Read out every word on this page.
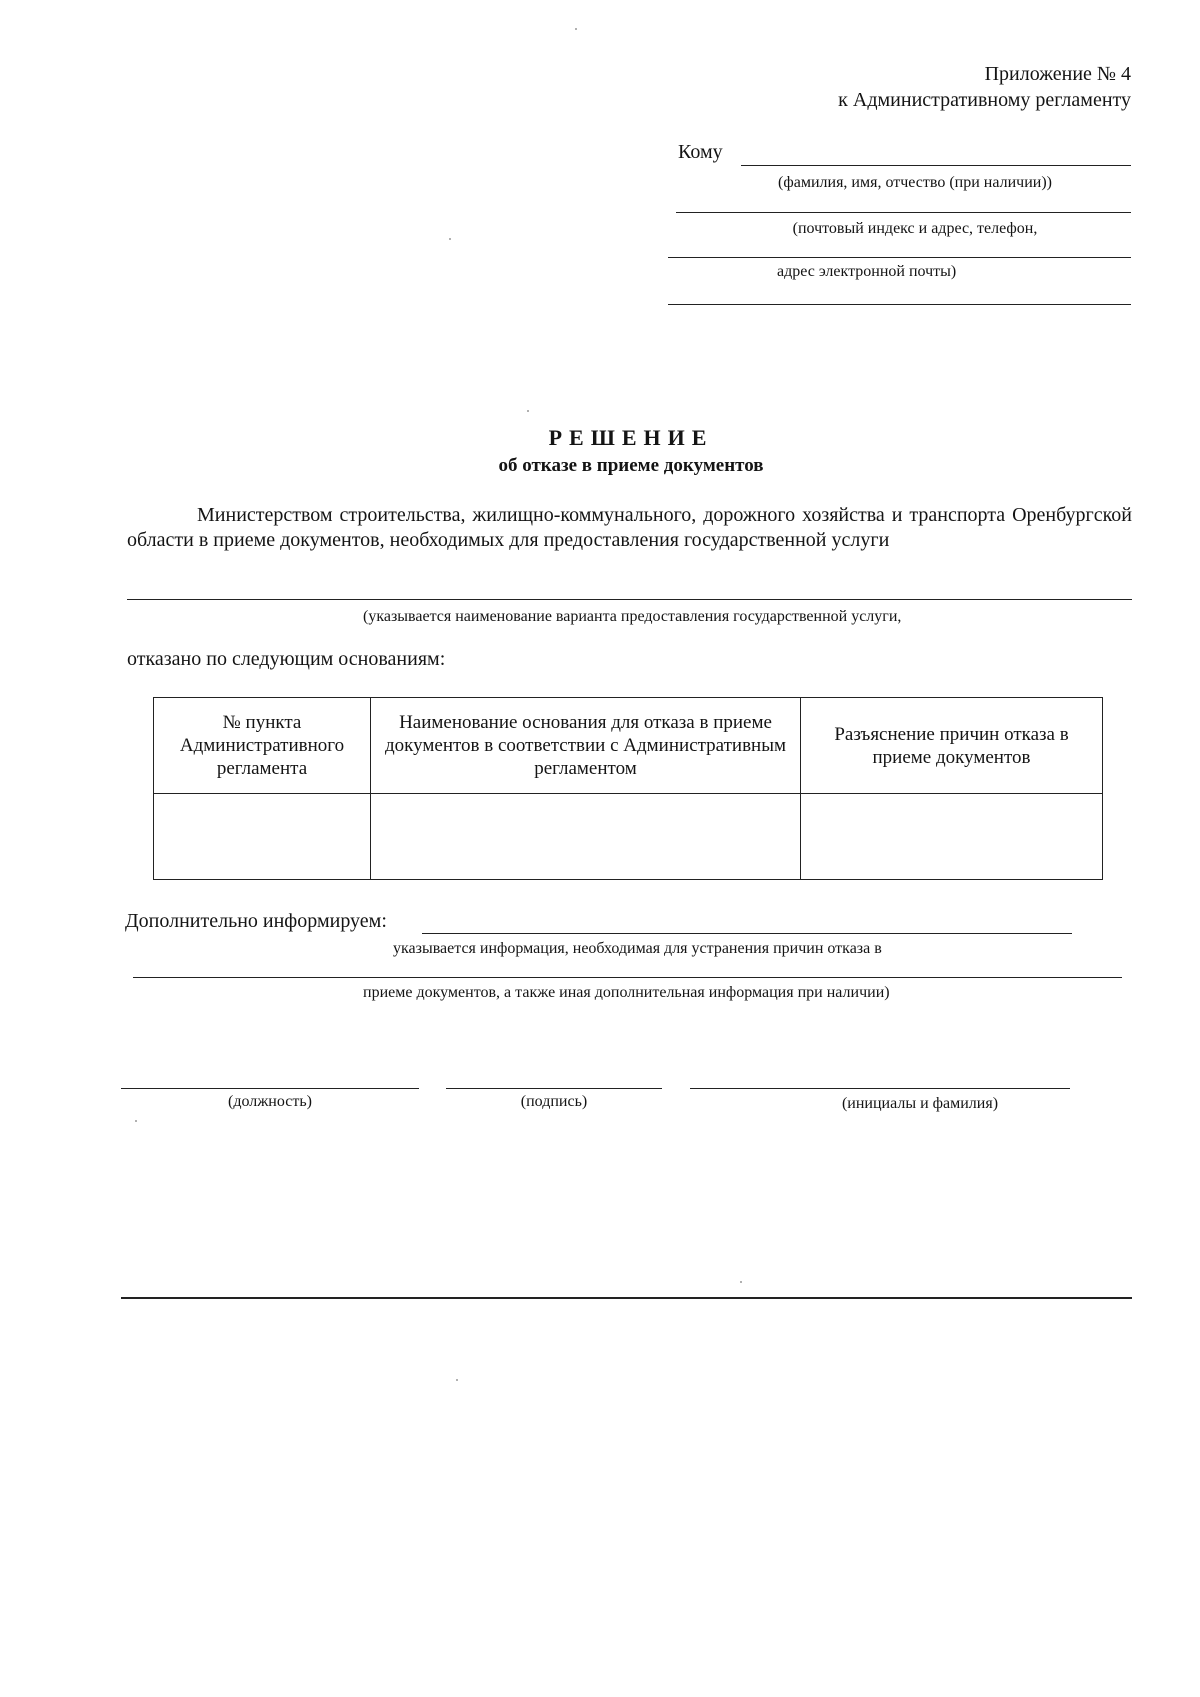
Приложение № 4
к Административному регламенту
Кому
(фамилия, имя, отчество (при наличии))
(почтовый индекс и адрес, телефон,
адрес электронной почты)
РЕШЕНИЕ
об отказе в приеме документов
Министерством строительства, жилищно-коммунального, дорожного хозяйства и транспорта Оренбургской области в приеме документов, необходимых для предоставления государственной услуги
(указывается наименование варианта предоставления государственной услуги,
отказано по следующим основаниям:
№ пункта Административного регламента	Наименование основания для отказа в приеме документов в соответствии с Административным регламентом	Разъяснение причин отказа в приеме документов

Дополнительно информируем:
указывается информация, необходимая для устранения причин отказа в
приеме документов, а также иная дополнительная информация при наличии)
(должность)	(подпись)	(инициалы и фамилия)
